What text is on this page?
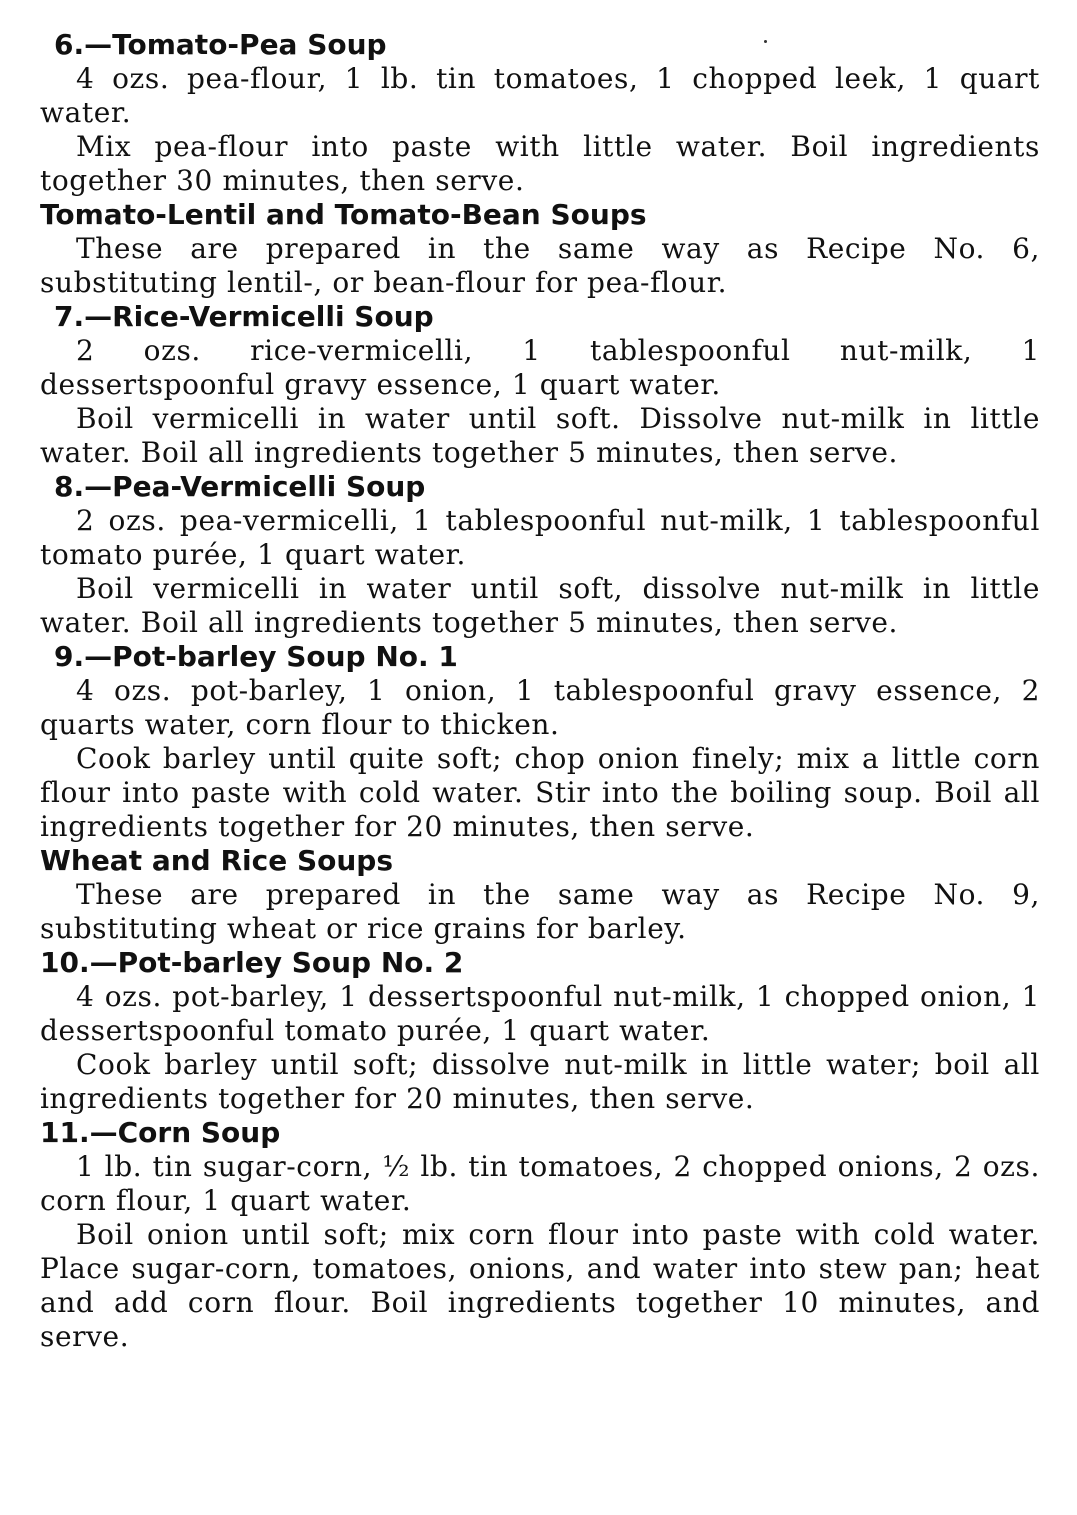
6.—Tomato-Pea Soup

4 ozs. pea-flour, 1 lb. tin tomatoes, 1 chopped leek, 1 quart water.

Mix pea-flour into paste with little water. Boil ingredients together 30 minutes, then serve.

Tomato-Lentil and Tomato-Bean Soups

These are prepared in the same way as Recipe No. 6, substituting lentil-, or bean-flour for pea-flour.

7.—Rice-Vermicelli Soup

2 ozs. rice-vermicelli, 1 tablespoonful nut-milk, 1 dessertspoonful gravy essence, 1 quart water.

Boil vermicelli in water until soft. Dissolve nut-milk in little water. Boil all ingredients together 5 minutes, then serve.

8.—Pea-Vermicelli Soup

2 ozs. pea-vermicelli, 1 tablespoonful nut-milk, 1 tablespoonful tomato purée, 1 quart water.

Boil vermicelli in water until soft, dissolve nut-milk in little water. Boil all ingredients together 5 minutes, then serve.

9.—Pot-barley Soup No. 1

4 ozs. pot-barley, 1 onion, 1 tablespoonful gravy essence, 2 quarts water, corn flour to thicken.

Cook barley until quite soft; chop onion finely; mix a little corn flour into paste with cold water. Stir into the boiling soup. Boil all ingredients together for 20 minutes, then serve.

Wheat and Rice Soups

These are prepared in the same way as Recipe No. 9, substituting wheat or rice grains for barley.

10.—Pot-barley Soup No. 2

4 ozs. pot-barley, 1 dessertspoonful nut-milk, 1 chopped onion, 1 dessertspoonful tomato purée, 1 quart water.

Cook barley until soft; dissolve nut-milk in little water; boil all ingredients together for 20 minutes, then serve.

11.—Corn Soup

1 lb. tin sugar-corn, ½ lb. tin tomatoes, 2 chopped onions, 2 ozs. corn flour, 1 quart water.

Boil onion until soft; mix corn flour into paste with cold water. Place sugar-corn, tomatoes, onions, and water into stew pan; heat and add corn flour. Boil ingredients together 10 minutes, and serve.
